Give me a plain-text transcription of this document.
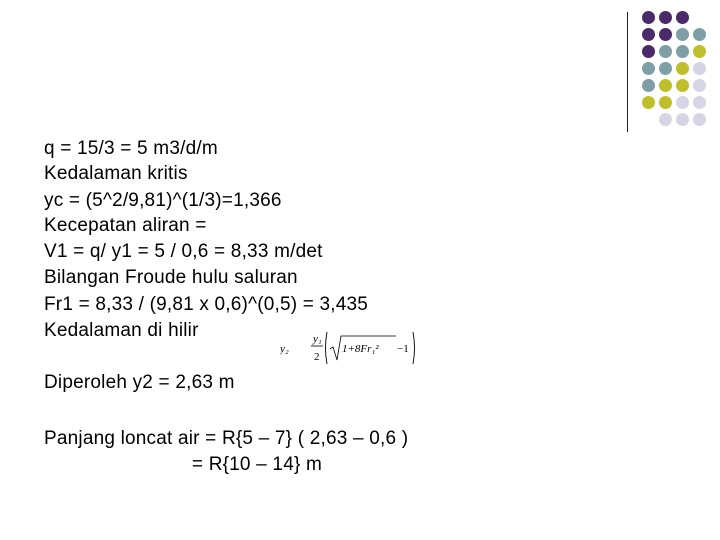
q = 15/3 = 5 m3/d/m
Kedalaman kritis
yc = (5^2/9,81)^(1/3)=1,366
Kecepatan aliran =
V1 = q/ y1 = 5 / 0,6 = 8,33 m/det
Bilangan Froude hulu saluran
Fr1 = 8,33 / (9,81 x 0,6)^(0,5) = 3,435
Kedalaman di hilir
y₂
y₁
2
1+8Fr₁² −1
Diperoleh y2 = 2,63 m
Panjang loncat air = R{5 – 7} ( 2,63 – 0,6 )
= R{10 – 14} m
